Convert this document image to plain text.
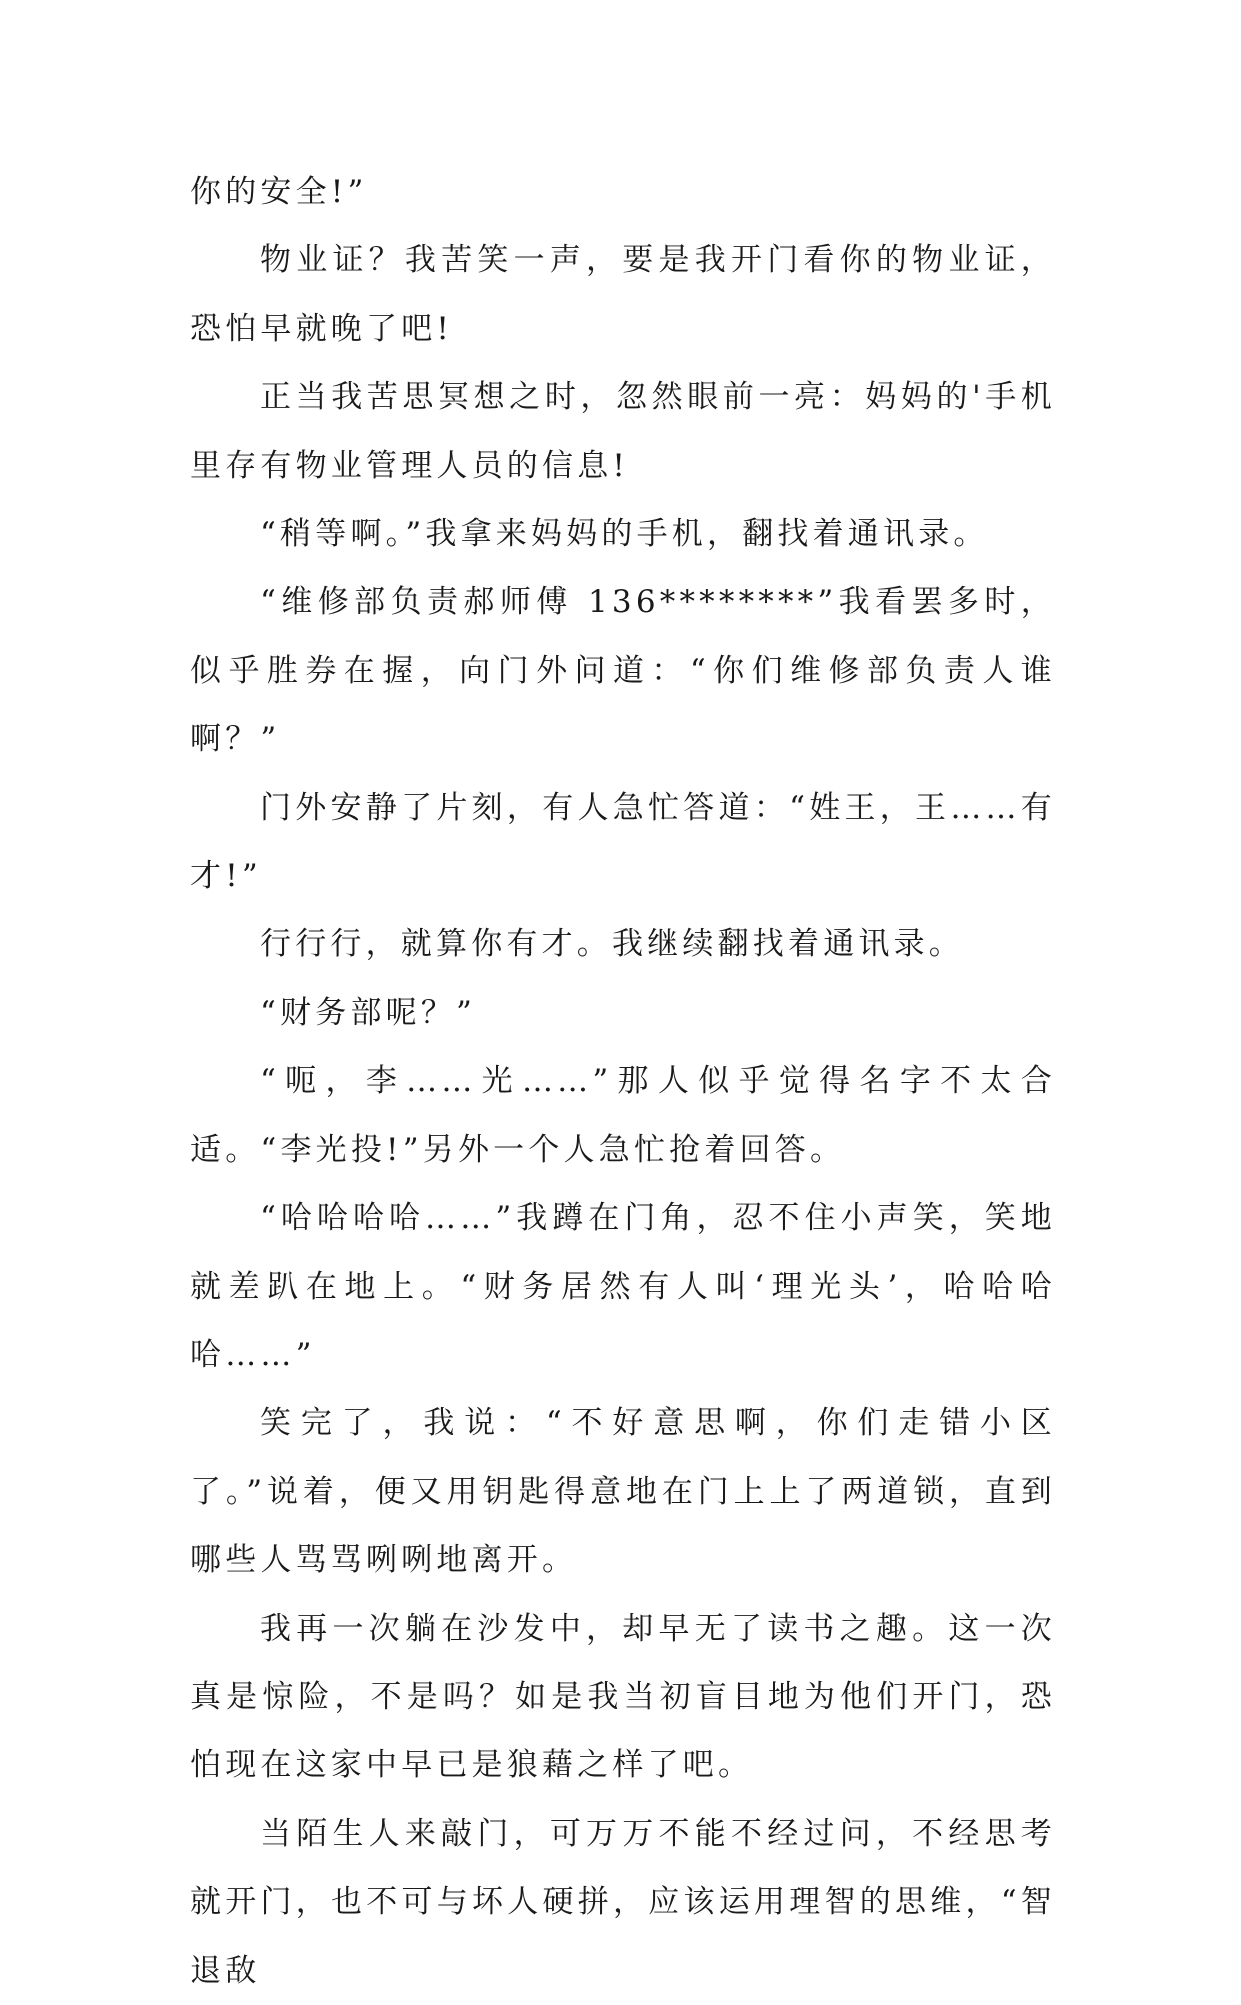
你的安全!”

物业证？我苦笑一声，要是我开门看你的物业证，恐怕早就晚了吧!

正当我苦思冥想之时，忽然眼前一亮：妈妈的'手机里存有物业管理人员的信息!

“稍等啊。”我拿来妈妈的手机，翻找着通讯录。

“维修部负责郝师傅 136********”我看罢多时，似乎胜券在握，向门外问道：“你们维修部负责人谁啊？”

门外安静了片刻，有人急忙答道：“姓王，王……有才!”

行行行，就算你有才。我继续翻找着通讯录。

“财务部呢？”

“呃，李……光……”那人似乎觉得名字不太合适。“李光投!”另外一个人急忙抢着回答。

“哈哈哈哈……”我蹲在门角，忍不住小声笑，笑地就差趴在地上。“财务居然有人叫‘理光头’，哈哈哈哈……”

笑完了，我说：“不好意思啊，你们走错小区了。”说着，便又用钥匙得意地在门上上了两道锁，直到哪些人骂骂咧咧地离开。

我再一次躺在沙发中，却早无了读书之趣。这一次真是惊险，不是吗？如是我当初盲目地为他们开门，恐怕现在这家中早已是狼藉之样了吧。

当陌生人来敲门，可万万不能不经过问，不经思考就开门，也不可与坏人硬拼，应该运用理智的思维，“智退敌
